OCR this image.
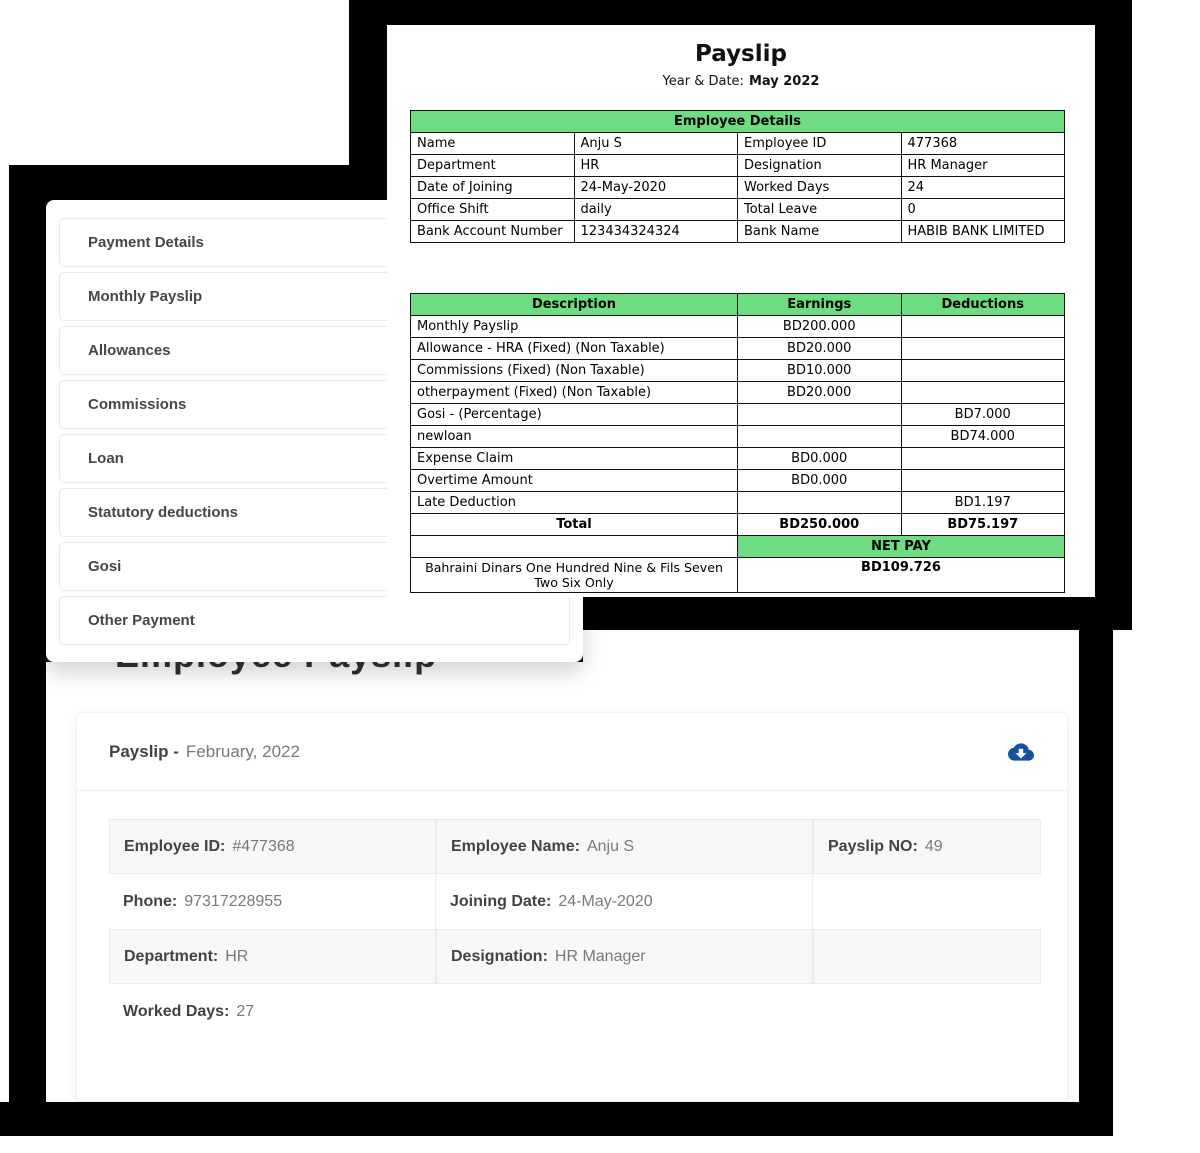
Payment Details
Monthly Payslip
Allowances
Commissions
Loan
Statutory deductions
Gosi
Other Payment
Payslip
Year & Date: May 2022
Employee Details			
Name	Anju S	Employee ID	477368
Department	HR	Designation	HR Manager
Date of Joining	24-May-2020	Worked Days	24
Office Shift	daily	Total Leave	0
Bank Account Number	123434324324	Bank Name	HABIB BANK LIMITED
Description	Earnings	Deductions
Monthly Payslip	BD200.000	
Allowance - HRA (Fixed) (Non Taxable)	BD20.000	
Commissions (Fixed) (Non Taxable)	BD10.000	
otherpayment (Fixed) (Non Taxable)	BD20.000	
Gosi - (Percentage)		BD7.000
newloan		BD74.000
Expense Claim	BD0.000	
Overtime Amount	BD0.000	
Late Deduction		BD1.197
Total	BD250.000	BD75.197
	NET PAY	
Bahraini Dinars One Hundred Nine & Fils Seven Two Six Only	BD109.726	
Payslip - February, 2022
Employee ID: #477368	Employee Name: Anju S	Payslip NO: 49
Phone: 97317228955	Joining Date: 24-May-2020
Department: HR	Designation: HR Manager
Worked Days: 27
